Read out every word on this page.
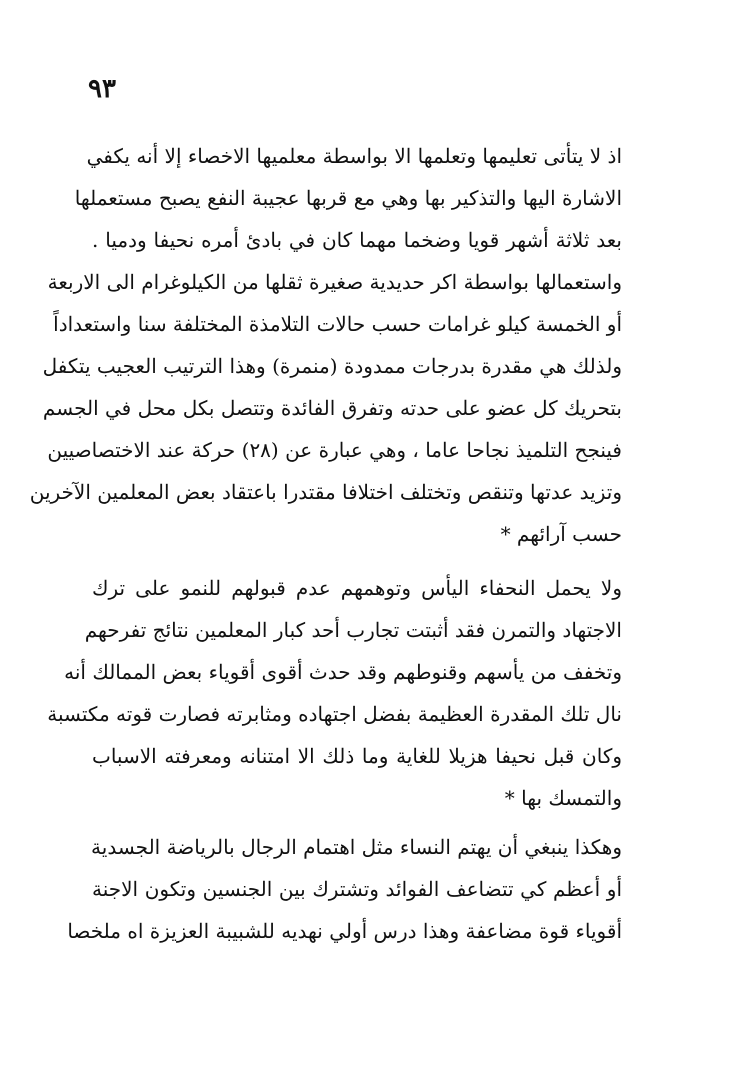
٩٣
اذ لا يتأتى تعليمها وتعلمها الا بواسطة معلميها الاخصاء إلا أنه يكفي
الاشارة اليها والتذكير بها وهي مع قربها عجيبة النفع يصبح مستعملها
بعد ثلاثة أشهر قويا وضخما مهما كان في بادئ أمره نحيفا ودميا .
واستعمالها بواسطة اكر حديدية صغيرة ثقلها من الكيلوغرام الى الاربعة
أو الخمسة كيلو غرامات حسب حالات التلامذة المختلفة سنا واستعداداً
ولذلك هي مقدرة بدرجات ممدودة (منمرة) وهذا الترتيب العجيب يتكفل
بتحريك كل عضو على حدته وتفرق الفائدة وتتصل بكل محل في الجسم
فينجح التلميذ نجاحا عاما ، وهي عبارة عن (٢٨) حركة عند الاختصاصيين
وتزيد عدتها وتنقص وتختلف اختلافا مقتدرا باعتقاد بعض المعلمين الآخرين
حسب آرائهم *
ولا يحمل النحفاء اليأس وتوهمهم عدم قبولهم للنمو على ترك
الاجتهاد والتمرن فقد أثبتت تجارب أحد كبار المعلمين نتائج تفرحهم
وتخفف من يأسهم وقنوطهم وقد حدث أقوى أقوياء بعض الممالك أنه
نال تلك المقدرة العظيمة بفضل اجتهاده ومثابرته فصارت قوته مكتسبة
وكان قبل نحيفا هزيلا للغاية وما ذلك الا امتنانه ومعرفته الاسباب
والتمسك بها *
وهكذا ينبغي أن يهتم النساء مثل اهتمام الرجال بالرياضة الجسدية
أو أعظم كي تتضاعف الفوائد وتشترك بين الجنسين وتكون الاجنة
أقوياء قوة مضاعفة وهذا درس أولي نهديه للشبيبة العزيزة اه ملخصا
